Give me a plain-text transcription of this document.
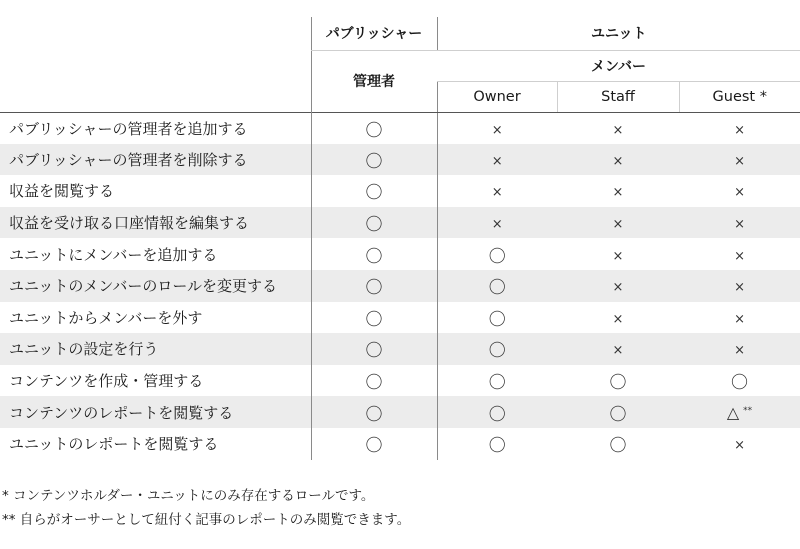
	パブリッシャー	ユニット		
	管理者	メンバー		
		Owner	Staff	Guest *
パブリッシャーの管理者を追加する	〇	×	×	×
パブリッシャーの管理者を削除する	〇	×	×	×
収益を閲覧する	〇	×	×	×
収益を受け取る口座情報を編集する	〇	×	×	×
ユニットにメンバーを追加する	〇	〇	×	×
ユニットのメンバーのロールを変更する	〇	〇	×	×
ユニットからメンバーを外す	〇	〇	×	×
ユニットの設定を行う	〇	〇	×	×
コンテンツを作成・管理する	〇	〇	〇	〇
コンテンツのレポートを閲覧する	〇	〇	〇	△ **
ユニットのレポートを閲覧する	〇	〇	〇	×
* コンテンツホルダー・ユニットにのみ存在するロールです。
** 自らがオーサーとして紐付く記事のレポートのみ閲覧できます。
